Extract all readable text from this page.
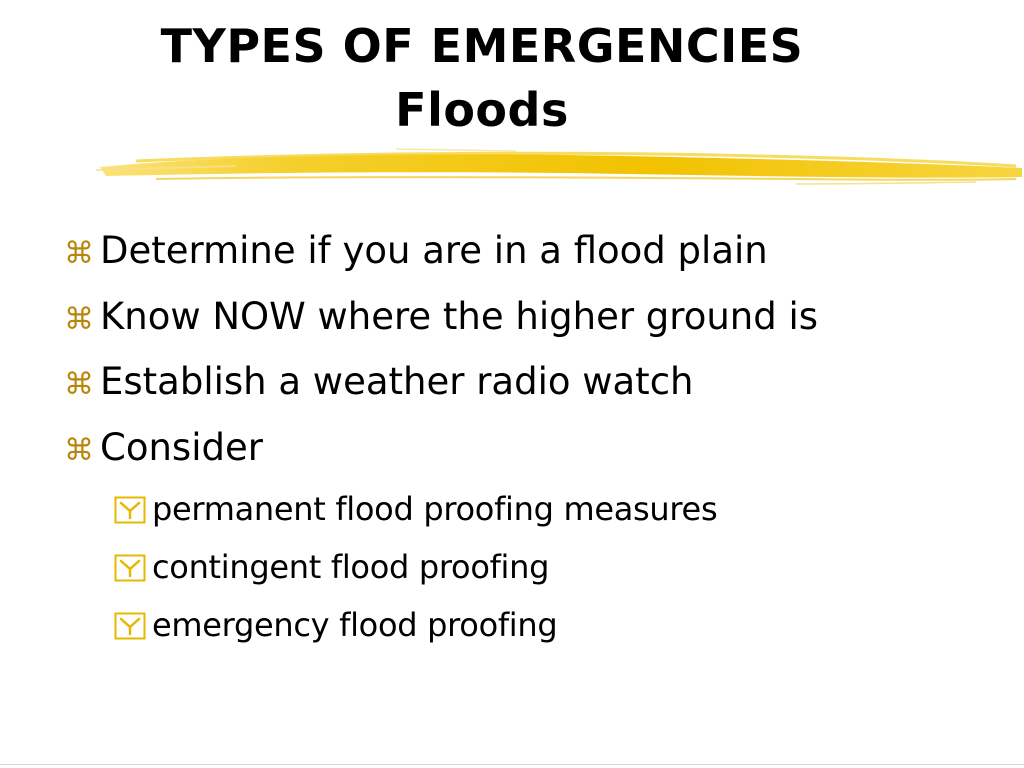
TYPES OF EMERGENCIES
Floods
⌘ Determine if you are in a flood plain
⌘ Know NOW where the higher ground is
⌘ Establish a weather radio watch
⌘ Consider
permanent flood proofing measures
contingent flood proofing
emergency flood proofing
